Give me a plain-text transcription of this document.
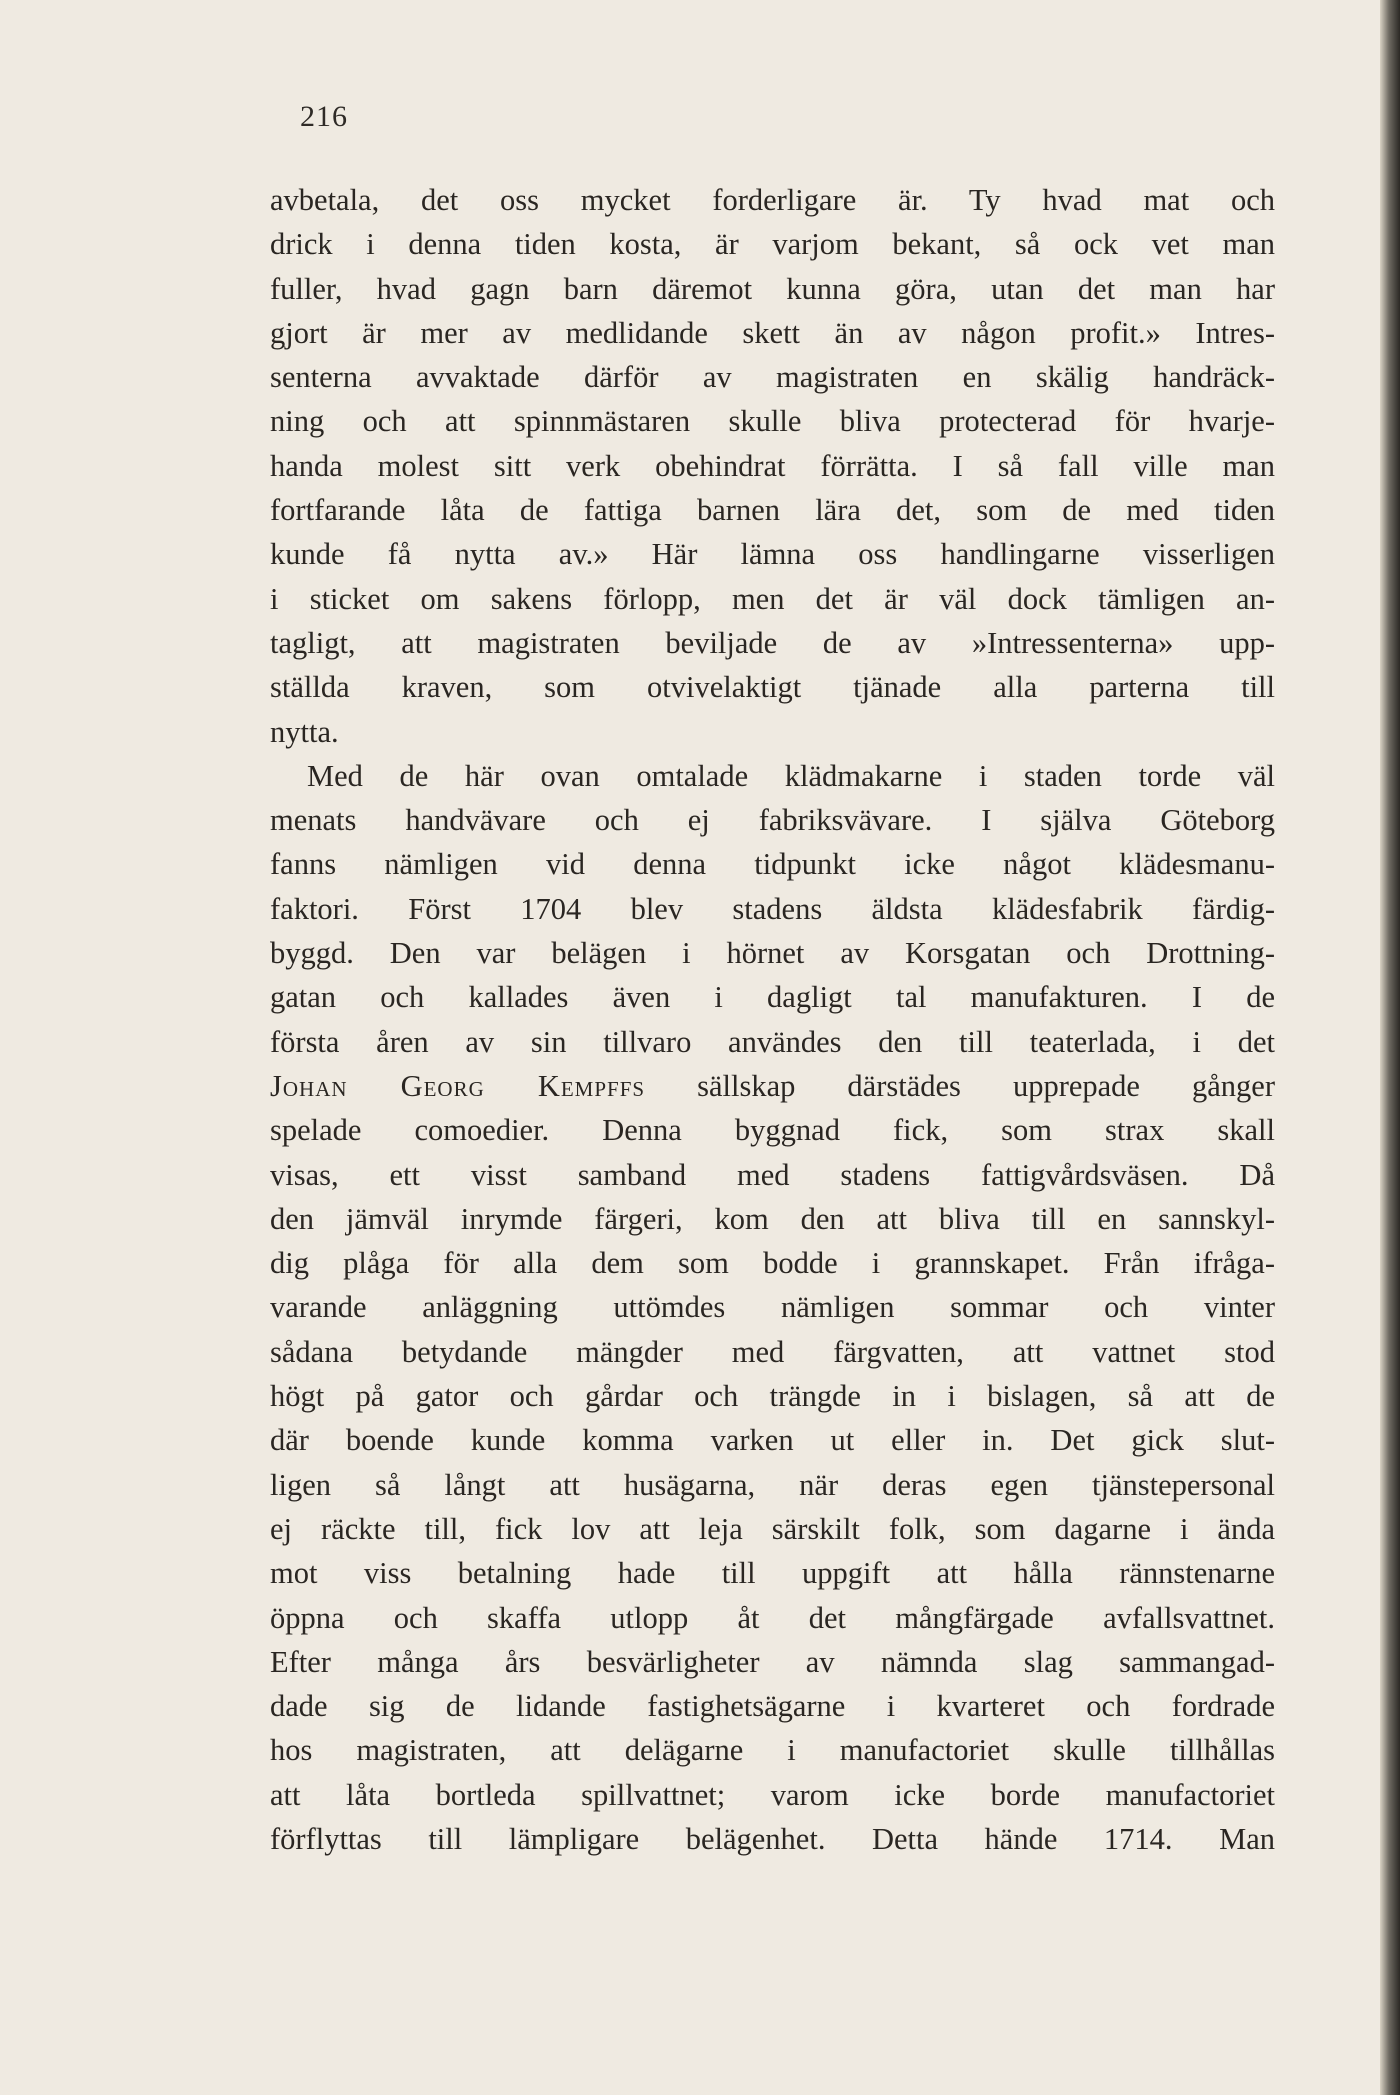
216
avbetala, det oss mycket forderligare är. Ty hvad mat och
drick i denna tiden kosta, är varjom bekant, så ock vet man
fuller, hvad gagn barn däremot kunna göra, utan det man har
gjort är mer av medlidande skett än av någon profit.» Intres-
senterna avvaktade därför av magistraten en skälig handräck-
ning och att spinnmästaren skulle bliva protecterad för hvarje-
handa molest sitt verk obehindrat förrätta. I så fall ville man
fortfarande låta de fattiga barnen lära det, som de med tiden
kunde få nytta av.» Här lämna oss handlingarne visserligen
i sticket om sakens förlopp, men det är väl dock tämligen an-
tagligt, att magistraten beviljade de av »Intressenterna» upp-
ställda kraven, som otvivelaktigt tjänade alla parterna till
nytta.
Med de här ovan omtalade klädmakarne i staden torde väl
menats handvävare och ej fabriksvävare. I själva Göteborg
fanns nämligen vid denna tidpunkt icke något klädesmanu-
faktori. Först 1704 blev stadens äldsta klädesfabrik färdig-
byggd. Den var belägen i hörnet av Korsgatan och Drottning-
gatan och kallades även i dagligt tal manufakturen. I de
första åren av sin tillvaro användes den till teaterlada, i det
Johan Georg Kempffs sällskap därstädes upprepade gånger
spelade comoedier. Denna byggnad fick, som strax skall
visas, ett visst samband med stadens fattigvårdsväsen. Då
den jämväl inrymde färgeri, kom den att bliva till en sannskyl-
dig plåga för alla dem som bodde i grannskapet. Från ifråga-
varande anläggning uttömdes nämligen sommar och vinter
sådana betydande mängder med färgvatten, att vattnet stod
högt på gator och gårdar och trängde in i bislagen, så att de
där boende kunde komma varken ut eller in. Det gick slut-
ligen så långt att husägarna, när deras egen tjänstepersonal
ej räckte till, fick lov att leja särskilt folk, som dagarne i ända
mot viss betalning hade till uppgift att hålla rännstenarne
öppna och skaffa utlopp åt det mångfärgade avfallsvattnet.
Efter många års besvärligheter av nämnda slag sammangad-
dade sig de lidande fastighetsägarne i kvarteret och fordrade
hos magistraten, att delägarne i manufactoriet skulle tillhållas
att låta bortleda spillvattnet; varom icke borde manufactoriet
förflyttas till lämpligare belägenhet. Detta hände 1714. Man
